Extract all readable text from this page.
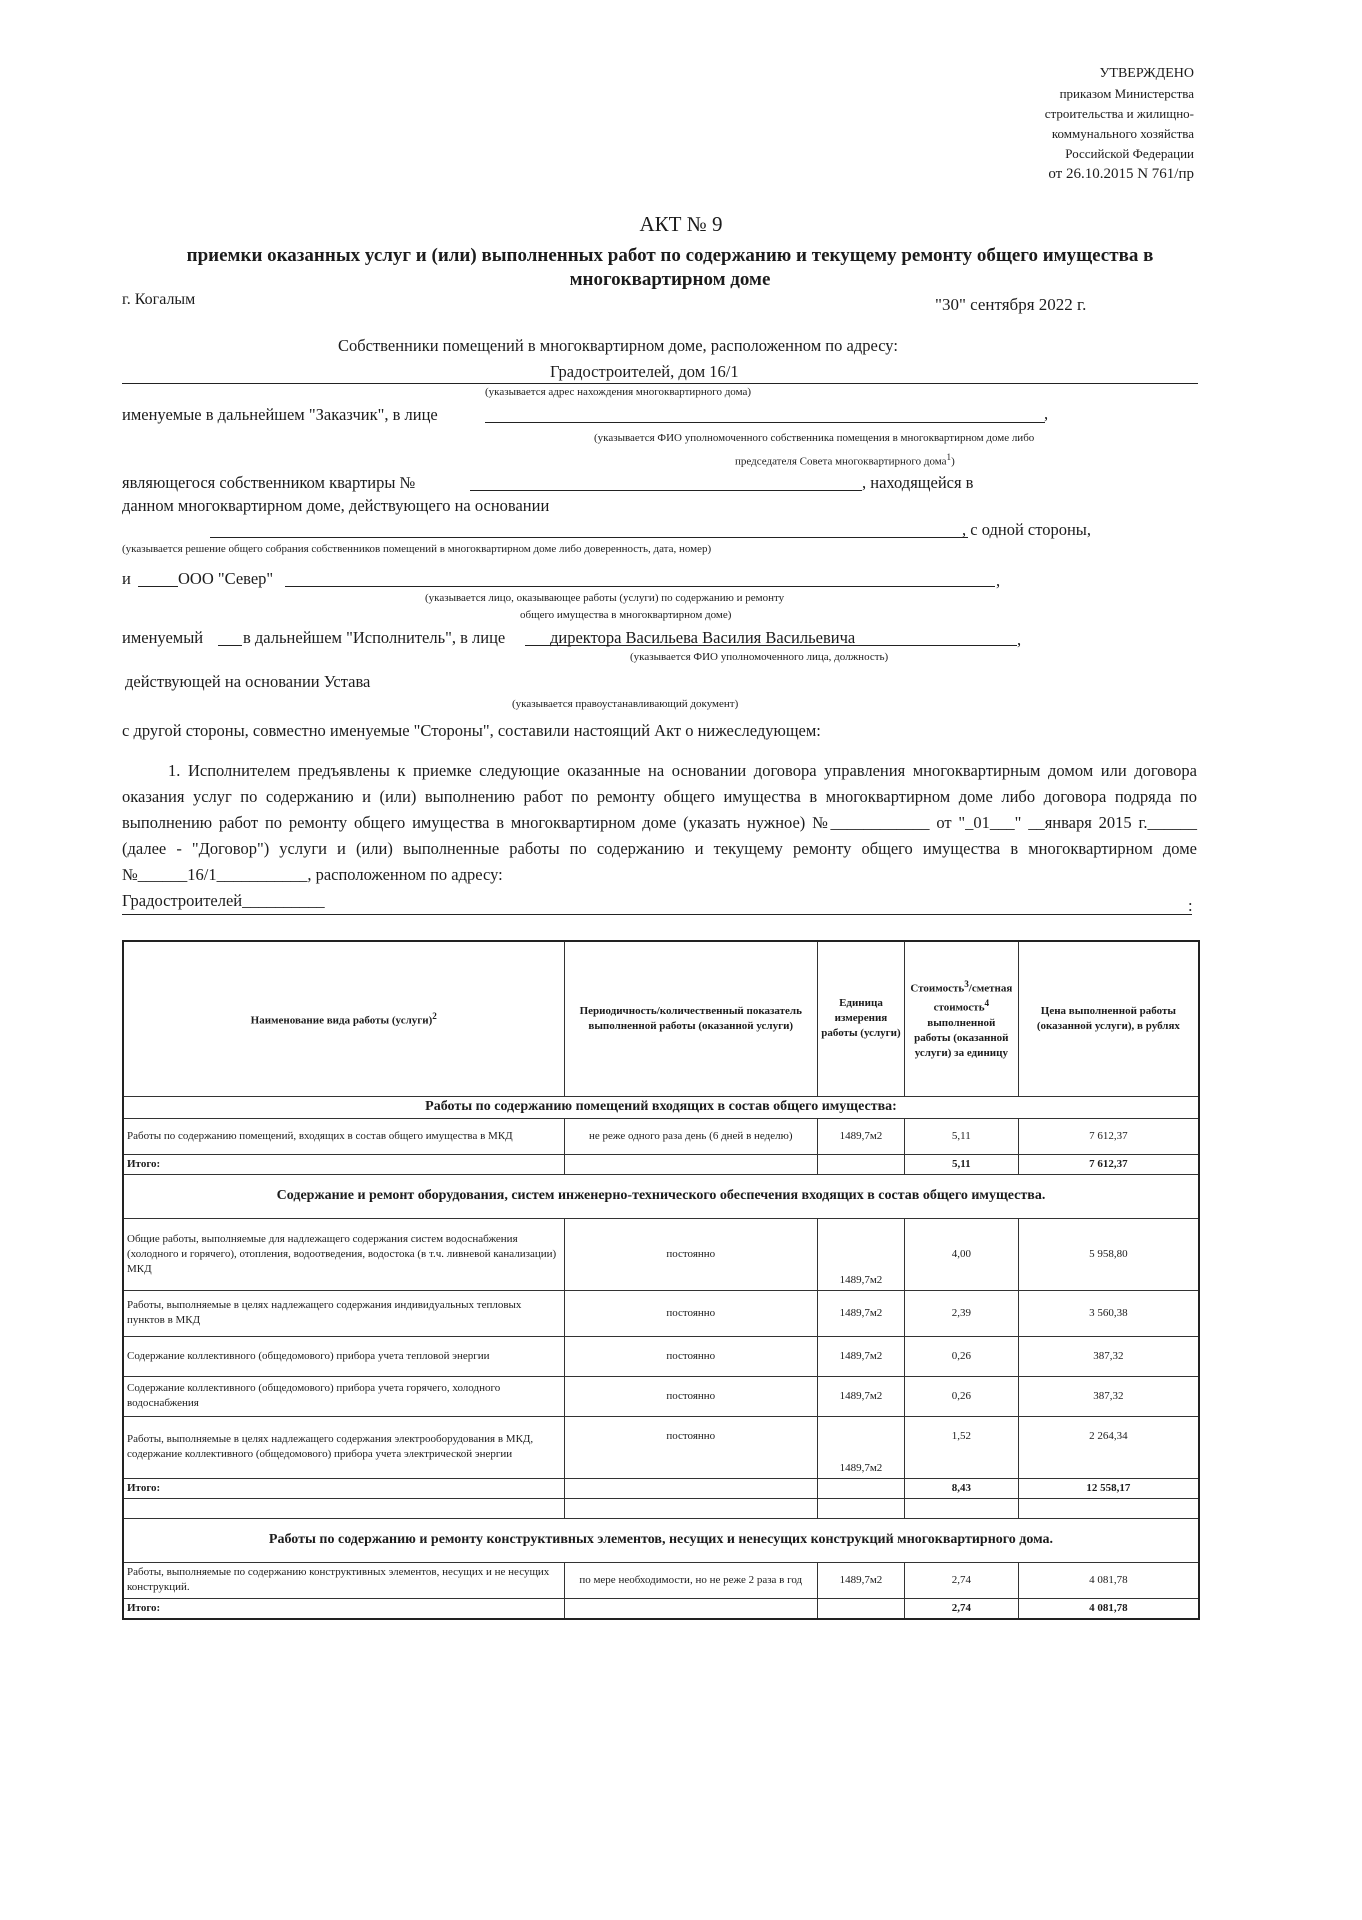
УТВЕРЖДЕНО
приказом Министерства
строительства и жилищно-
коммунального хозяйства
Российской Федерации
от 26.10.2015 N 761/пр
АКТ № 9
приемки оказанных услуг и (или) выполненных работ по содержанию и текущему ремонту общего имущества в многоквартирном доме
г. Когалым	"30" сентября 2022 г.
Собственники помещений в многоквартирном доме, расположенном по адресу:
Градостроителей, дом 16/1
(указывается адрес нахождения многоквартирного дома)
именуемые в дальнейшем "Заказчик", в лице	,
(указывается ФИО уполномоченного собственника помещения в многоквартирном доме либо
председателя Совета многоквартирного дома$^1$)
являющегося собственником квартиры №	, находящейся в
данном многоквартирном доме, действующего на основании
, с одной стороны,
(указывается решение общего собрания собственников помещений в многоквартирном доме либо доверенность, дата, номер)
и	ООО "Север"	,
(указывается лицо, оказывающее работы (услуги) по содержанию и ремонту
общего имущества в многоквартирном доме)
именуемый в дальнейшем "Исполнитель", в лице	директора Васильева Василия Васильевича	,
(указывается ФИО уполномоченного лица, должность)
действующей на основании Устава
(указывается правоустанавливающий документ)
с другой стороны, совместно именуемые "Стороны", составили настоящий Акт о нижеследующем:
1. Исполнителем предъявлены к приемке следующие оказанные на основании договора управления многоквартирным домом или договора оказания услуг по содержанию и (или) выполнению работ по ремонту общего имущества в многоквартирном доме либо договора подряда по выполнению работ по ремонту общего имущества в многоквартирном доме (указать нужное) №____________ от "_01___" __января 2015 г.______ (далее - "Договор") услуги и (или) выполненные работы по содержанию и текущему ремонту общего имущества в многоквартирном доме №______16/1___________, расположенном по адресу:
Градостроителей__________	:
Наименование вида работы (услуги)$^2$	Периодичность/количественный показатель выполненной работы (оказанной услуги)	Единица измерения работы (услуги)	Стоимость$^3$/сметная стоимость$^4$ выполненной работы (оказанной услуги) за единицу	Цена выполненной работы (оказанной услуги), в рублях
Работы по содержанию помещений входящих в состав общего имущества:				
Работы по содержанию помещений, входящих в состав общего имущества в МКД	не реже одного раза день (6 дней в неделю)	1489,7м2	5,11	7 612,37
Итого:			5,11	7 612,37
Содержание и ремонт оборудования, систем инженерно-технического обеспечения входящих в состав общего имущества.				
Общие работы, выполняемые для надлежащего содержания систем водоснабжения (холодного и горячего), отопления, водоотведения, водостока (в т.ч. ливневой канализации) МКД	постоянно	1489,7м2	4,00	5 958,80
Работы, выполняемые в целях надлежащего содержания индивидуальных тепловых пунктов в МКД	постоянно	1489,7м2	2,39	3 560,38
Содержание коллективного (общедомового) прибора учета тепловой энергии	постоянно	1489,7м2	0,26	387,32
Содержание коллективного (общедомового) прибора учета горячего, холодного водоснабжения	постоянно	1489,7м2	0,26	387,32
Работы, выполняемые в целях надлежащего содержания электрооборудования в МКД, содержание коллективного (общедомового) прибора учета электрической энергии	постоянно	1489,7м2	1,52	2 264,34
Итого:			8,43	12 558,17

Работы по содержанию и ремонту конструктивных элементов, несущих и ненесущих конструкций многоквартирного дома.				
Работы, выполняемые по содержанию конструктивных элементов, несущих и не несущих конструкций.	по мере необходимости, но не реже 2 раза в год	1489,7м2	2,74	4 081,78
Итого:			2,74	4 081,78
